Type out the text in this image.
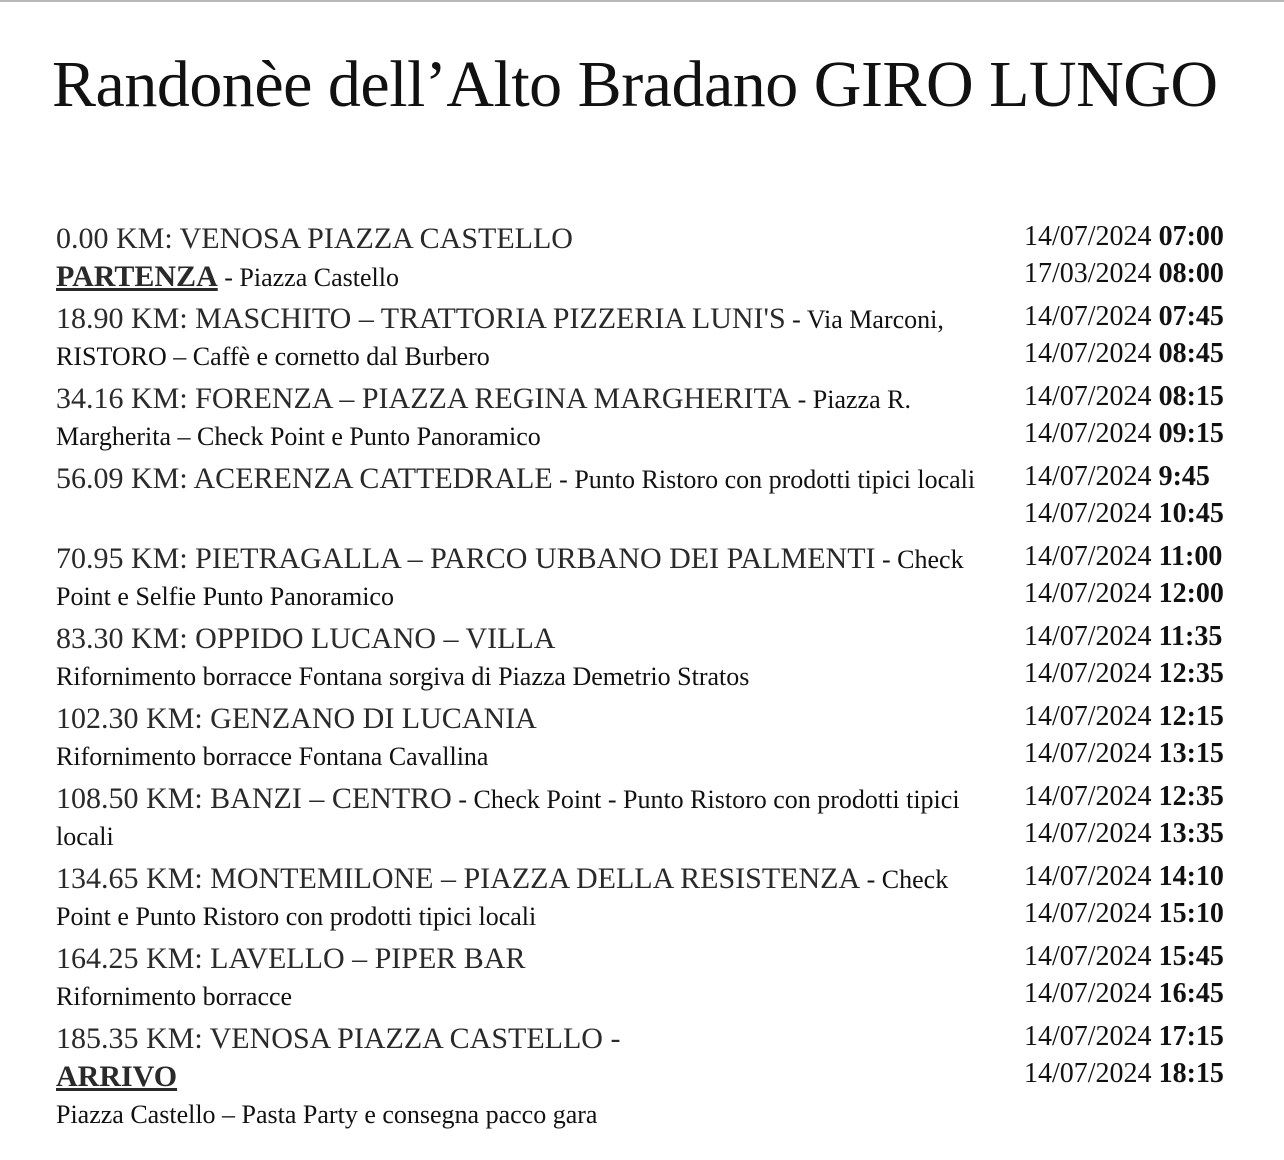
Randonèe dell’Alto Bradano GIRO LUNGO
0.00 KM: VENOSA PIAZZA CASTELLO
PARTENZA - Piazza Castello
14/07/2024 07:00
17/03/2024 08:00
18.90 KM: MASCHITO – TRATTORIA PIZZERIA LUNI'S - Via Marconi, RISTORO – Caffè e cornetto dal Burbero
14/07/2024 07:45
14/07/2024 08:45
34.16 KM: FORENZA – PIAZZA REGINA MARGHERITA - Piazza R. Margherita – Check Point e Punto Panoramico
14/07/2024 08:15
14/07/2024 09:15
56.09 KM: ACERENZA CATTEDRALE - Punto Ristoro con prodotti tipici locali	14/07/2024 9:45
14/07/2024 10:45
70.95 KM: PIETRAGALLA – PARCO URBANO DEI PALMENTI - Check Point e Selfie Punto Panoramico
14/07/2024 11:00
14/07/2024 12:00
83.30 KM: OPPIDO LUCANO – VILLA
Rifornimento borracce Fontana sorgiva di Piazza Demetrio Stratos
14/07/2024 11:35
14/07/2024 12:35
102.30 KM: GENZANO DI LUCANIA
Rifornimento borracce Fontana Cavallina
14/07/2024 12:15
14/07/2024 13:15
108.50 KM: BANZI – CENTRO - Check Point - Punto Ristoro con prodotti tipici locali
14/07/2024 12:35
14/07/2024 13:35
134.65 KM: MONTEMILONE – PIAZZA DELLA RESISTENZA - Check Point e Punto Ristoro con prodotti tipici locali
14/07/2024 14:10
14/07/2024 15:10
164.25 KM: LAVELLO – PIPER BAR
Rifornimento borracce
14/07/2024 15:45
14/07/2024 16:45
185.35 KM: VENOSA PIAZZA CASTELLO -
ARRIVO
Piazza Castello – Pasta Party e consegna pacco gara
14/07/2024 17:15
14/07/2024 18:15
